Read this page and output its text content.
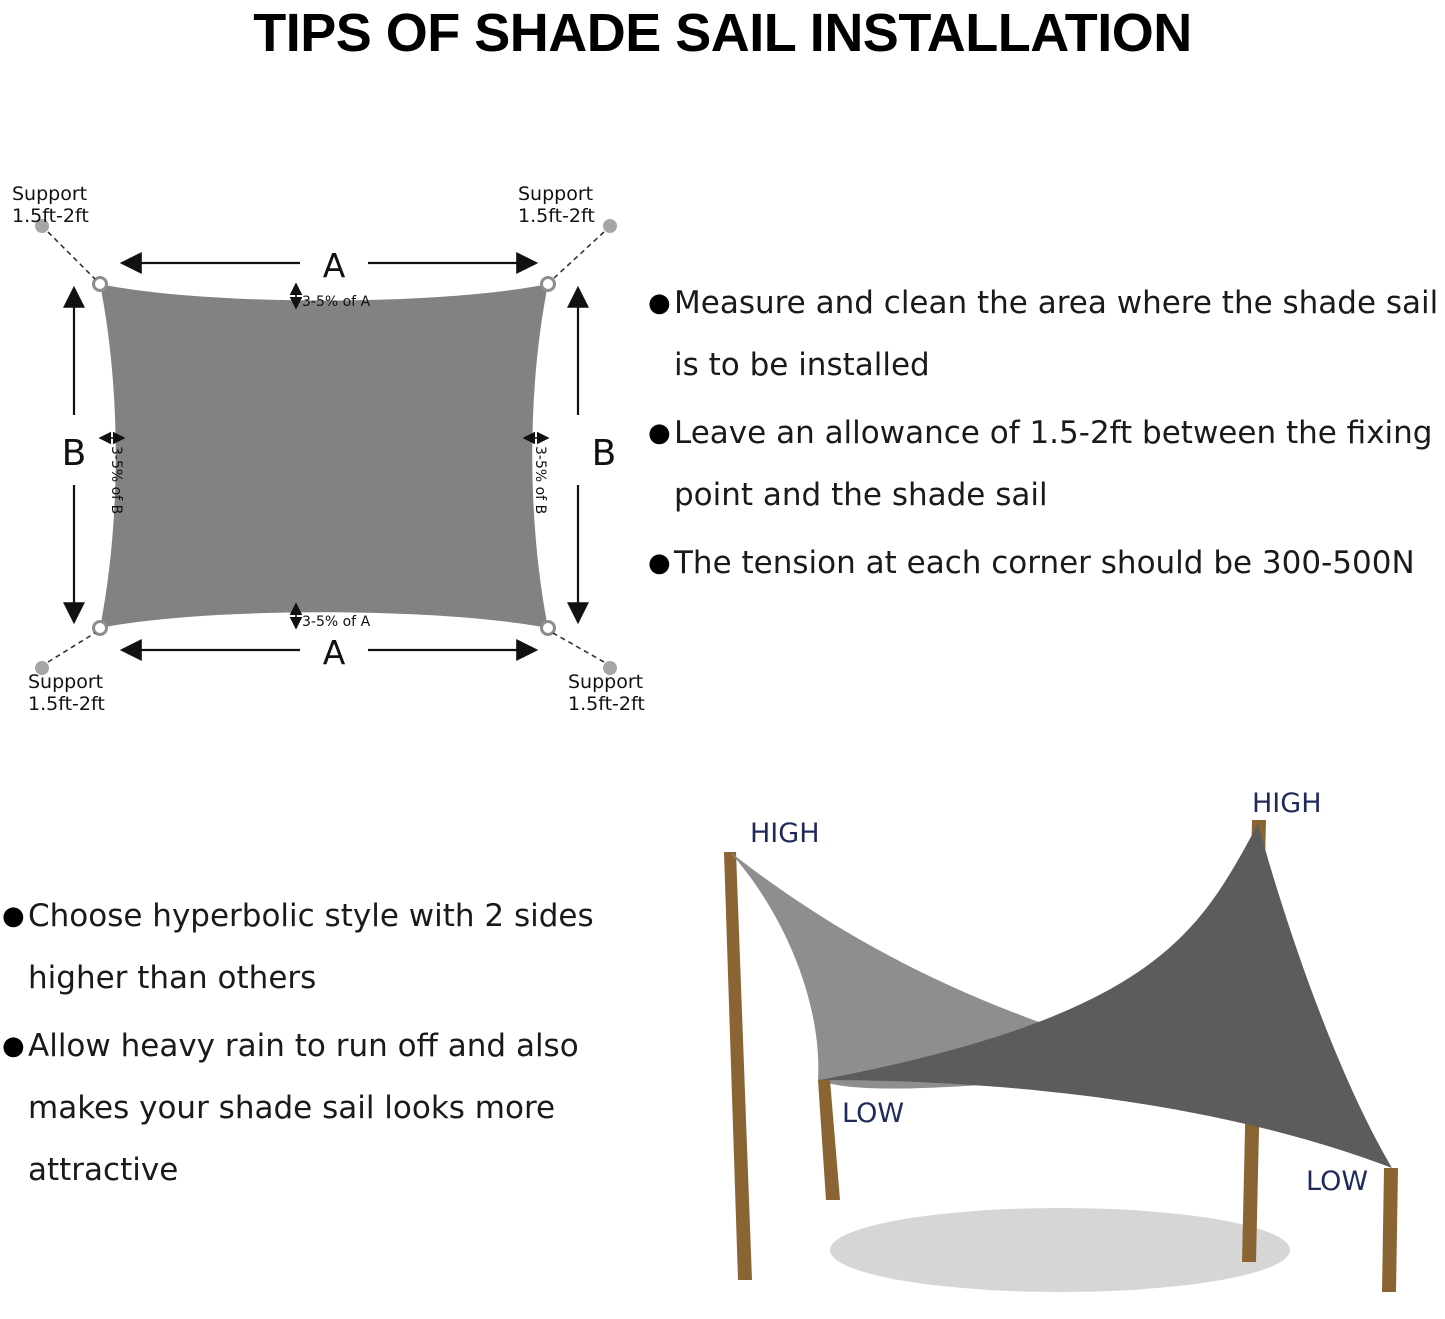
TIPS OF SHADE SAIL INSTALLATION
A
A
B	B
3-5% of A
3-5% of A
3-5% of B	3-5% of B
Support
1.5ft-2ft
Support
1.5ft-2ft
Support
1.5ft-2ft
Support
1.5ft-2ft
● Measure and clean the area where the shade sail is to be installed
● Leave an allowance of 1.5-2ft between the fixing point and the shade sail
● The tension at each corner should be 300-500N
● Choose hyperbolic style with 2 sides higher than others
● Allow heavy rain to run off and also makes your shade sail looks more attractive
HIGH
HIGH
LOW
LOW
